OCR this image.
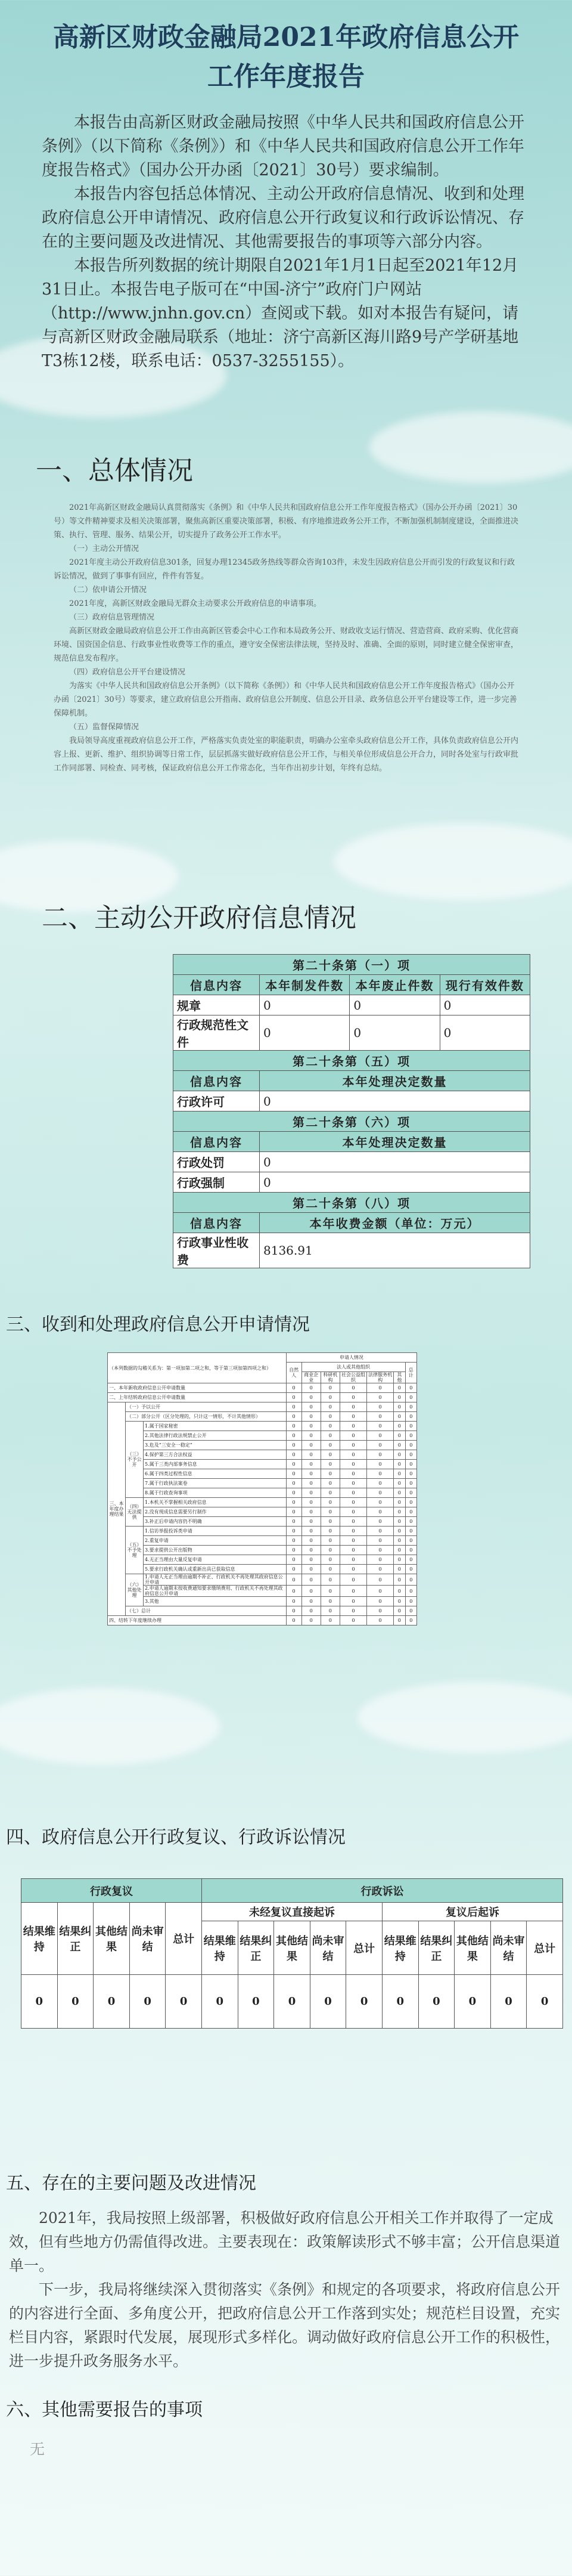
高新区财政金融局2021年政府信息公开工作年度报告

本报告由高新区财政金融局按照《中华人民共和国政府信息公开条例》（以下简称《条例》）和《中华人民共和国政府信息公开工作年度报告格式》（国办公开办函〔2021〕30号）要求编制。

本报告内容包括总体情况、主动公开政府信息情况、收到和处理政府信息公开申请情况、政府信息公开行政复议和行政诉讼情况、存在的主要问题及改进情况、其他需要报告的事项等六部分内容。

本报告所列数据的统计期限自2021年1月1日起至2021年12月31日止。本报告电子版可在“中国-济宁”政府门户网站（http://www.jnhn.gov.cn）查阅或下载。如对本报告有疑问，请与高新区财政金融局联系（地址：济宁高新区海川路9号产学研基地T3栋12楼，联系电话：0537-3255155）。

一、总体情况

2021年高新区财政金融局认真贯彻落实《条例》和《中华人民共和国政府信息公开工作年度报告格式》（国办公开办函〔2021〕30号）等文件精神要求及相关决策部署，聚焦高新区重要决策部署，积极、有序地推进政务公开工作，不断加强机制制度建设，全面推进决策、执行、管理、服务、结果公开，切实提升了政务公开工作水平。

（一）主动公开情况

2021年度主动公开政府信息301条，回复办理12345政务热线等群众咨询103件，未发生因政府信息公开而引发的行政复议和行政诉讼情况，做到了事事有回应，件件有答复。

（二）依申请公开情况

2021年度，高新区财政金融局无群众主动要求公开政府信息的申请事项。

（三）政府信息管理情况

高新区财政金融局政府信息公开工作由高新区管委会中心工作和本局政务公开、财政收支运行情况、营造营商、政府采购、优化营商环境、国资国企信息、行政事业性收费等工作的重点，遵守安全保密法律法规，坚持及时、准确、全面的原则，同时建立健全保密审查，规范信息发布程序。

（四）政府信息公开平台建设情况

为落实《中华人民共和国政府信息公开条例》（以下简称《条例》）和《中华人民共和国政府信息公开工作年度报告格式》（国办公开办函〔2021〕30号）等要求，建立政府信息公开指南、政府信息公开制度、信息公开目录、政务信息公开平台建设等工作，进一步完善保障机制。

（五）监督保障情况

我局领导高度重视政府信息公开工作，严格落实负责处室的职能职责，明确办公室牵头政府信息公开工作，具体负责政府信息公开内容上报、更新、维护、组织协调等日常工作，层层抓落实做好政府信息公开工作，与相关单位形成信息公开合力，同时各处室与行政审批工作同部署、同检查、同考核，保证政府信息公开工作常态化，当年作出初步计划，年终有总结。

二、主动公开政府信息情况
第二十条第（一）项			
信息内容	本年制发件数	本年废止件数	现行有效件数
规章	0	0	0
行政规范性文件	0	0	0
第二十条第（五）项			
信息内容	本年处理决定数量		
行政许可	0		
第二十条第（六）项			
信息内容	本年处理决定数量		
行政处罚	0		
行政强制	0		
第二十条第（八）项			
信息内容	本年收费金额（单位：万元）		
行政事业性收费	8136.91		
三、收到和处理政府信息公开申请情况
（本列数据的勾稽关系为：第一项加第二项之和，等于第三项加第四项之和）			申请人情况						
			自然人	法人或其他组织					总计
				商业企业	科研机构	社会公益组织	法律服务机构	其他	
一、本年新收政府信息公开申请数量			0	0	0	0	0	0	0
二、上年结转政府信息公开申请数量			0	0	0	0	0	0	0
三、本年度办理结果	（一）予以公开		0	0	0	0	0	0	0
	（二）部分公开（区分处理的，只计这一情形，不计其他情形）		0	0	0	0	0	0	0
	（三）不予公开	1.属于国家秘密	0	0	0	0	0	0	0
		2.其他法律行政法规禁止公开	0	0	0	0	0	0	0
		3.危及“三安全一稳定”	0	0	0	0	0	0	0
		4.保护第三方合法权益	0	0	0	0	0	0	0
		5.属于三类内部事务信息	0	0	0	0	0	0	0
		6.属于四类过程性信息	0	0	0	0	0	0	0
		7.属于行政执法案卷	0	0	0	0	0	0	0
		8.属于行政查询事项	0	0	0	0	0	0	0
	（四）无法提供	1.本机关不掌握相关政府信息	0	0	0	0	0	0	0
		2.没有现成信息需要另行制作	0	0	0	0	0	0	0
		3.补正后申请内容仍不明确	0	0	0	0	0	0	0
	（五）不予处理	1.信访举报投诉类申请	0	0	0	0	0	0	0
		2.重复申请	0	0	0	0	0	0	0
		3.要求提供公开出版物	0	0	0	0	0	0	0
		4.无正当理由大量反复申请	0	0	0	0	0	0	0
		5.要求行政机关确认或重新出具已获取信息	0	0	0	0	0	0	0
	（六）其他处理	1.申请人无正当理由逾期不补正、行政机关不再处理其政府信息公开申请	0	0	0	0	0	0	0
		2.申请人逾期未按收费通知要求缴纳费用、行政机关不再处理其政府信息公开申请	0	0	0	0	0	0	0
		3.其他	0	0	0	0	0	0	0
	（七）总计		0	0	0	0	0	0	0
四、结转下年度继续办理			0	0	0	0	0	0	0
四、政府信息公开行政复议、行政诉讼情况
行政复议					行政诉讼									
结果维持	结果纠正	其他结果	尚未审结	总计	未经复议直接起诉					复议后起诉				
					结果维持	结果纠正	其他结果	尚未审结	总计	结果维持	结果纠正	其他结果	尚未审结	总计
0	0	0	0	0	0	0	0	0	0	0	0	0	0	0
五、存在的主要问题及改进情况

2021年，我局按照上级部署，积极做好政府信息公开相关工作并取得了一定成效，但有些地方仍需值得改进。主要表现在：政策解读形式不够丰富；公开信息渠道单一。

下一步，我局将继续深入贯彻落实《条例》和规定的各项要求，将政府信息公开的内容进行全面、多角度公开，把政府信息公开工作落到实处；规范栏目设置，充实栏目内容，紧跟时代发展，展现形式多样化。调动做好政府信息公开工作的积极性，进一步提升政务服务水平。

六、其他需要报告的事项

无
